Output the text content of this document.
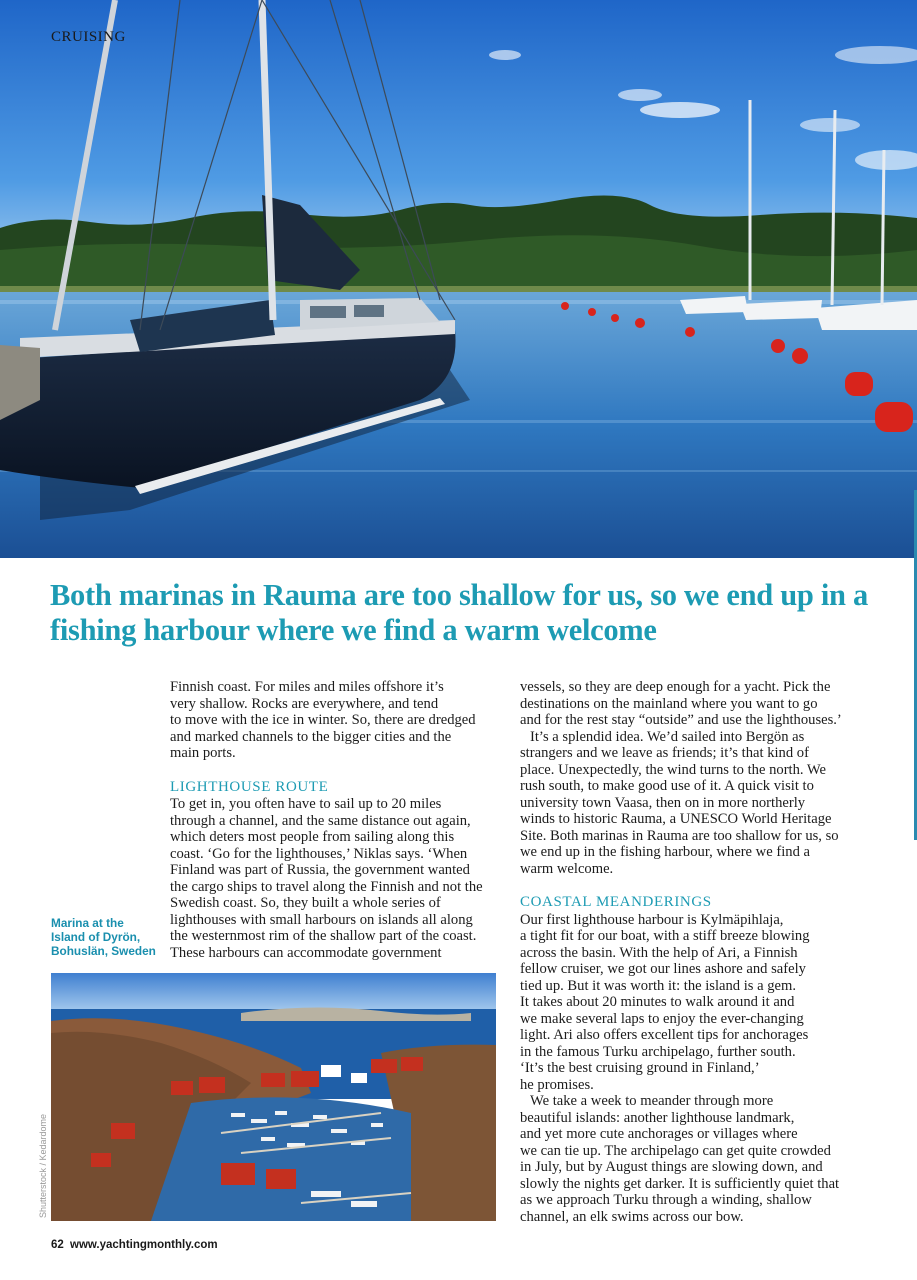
CRUISING
Both marinas in Rauma are too shallow for us, so we end up in a fishing harbour where we find a warm welcome

Finnish coast. For miles and miles offshore it’s
very shallow. Rocks are everywhere, and tend
to move with the ice in winter. So, there are dredged
and marked channels to the bigger cities and the
main ports.

LIGHTHOUSE ROUTE

To get in, you often have to sail up to 20 miles
through a channel, and the same distance out again,
which deters most people from sailing along this
coast. ‘Go for the lighthouses,’ Niklas says. ‘When
Finland was part of Russia, the government wanted
the cargo ships to travel along the Finnish and not the
Swedish coast. So, they built a whole series of
lighthouses with small harbours on islands all along
the westernmost rim of the shallow part of the coast.
These harbours can accommodate government

vessels, so they are deep enough for a yacht. Pick the
destinations on the mainland where you want to go
and for the rest stay “outside” and use the lighthouses.’

It’s a splendid idea. We’d sailed into Bergön as
strangers and we leave as friends; it’s that kind of
place. Unexpectedly, the wind turns to the north. We
rush south, to make good use of it. A quick visit to
university town Vaasa, then on in more northerly
winds to historic Rauma, a UNESCO World Heritage
Site. Both marinas in Rauma are too shallow for us, so
we end up in the fishing harbour, where we find a
warm welcome.

COASTAL MEANDERINGS

Our first lighthouse harbour is Kylmäpihlaja,
a tight fit for our boat, with a stiff breeze blowing
across the basin. With the help of Ari, a Finnish
fellow cruiser, we got our lines ashore and safely
tied up. But it was worth it: the island is a gem.
It takes about 20 minutes to walk around it and
we make several laps to enjoy the ever-changing
light. Ari also offers excellent tips for anchorages
in the famous Turku archipelago, further south.
‘It’s the best cruising ground in Finland,’
he promises.

We take a week to meander through more
beautiful islands: another lighthouse landmark,
and yet more cute anchorages or villages where
we can tie up. The archipelago can get quite crowded
in July, but by August things are slowing down, and
slowly the nights get darker. It is sufficiently quiet that
as we approach Turku through a winding, shallow
channel, an elk swims across our bow.

Marina at the
Island of Dyrön,
Bohuslän, Sweden

Shutterstock / Kedardome

62 www.yachtingmonthly.com
